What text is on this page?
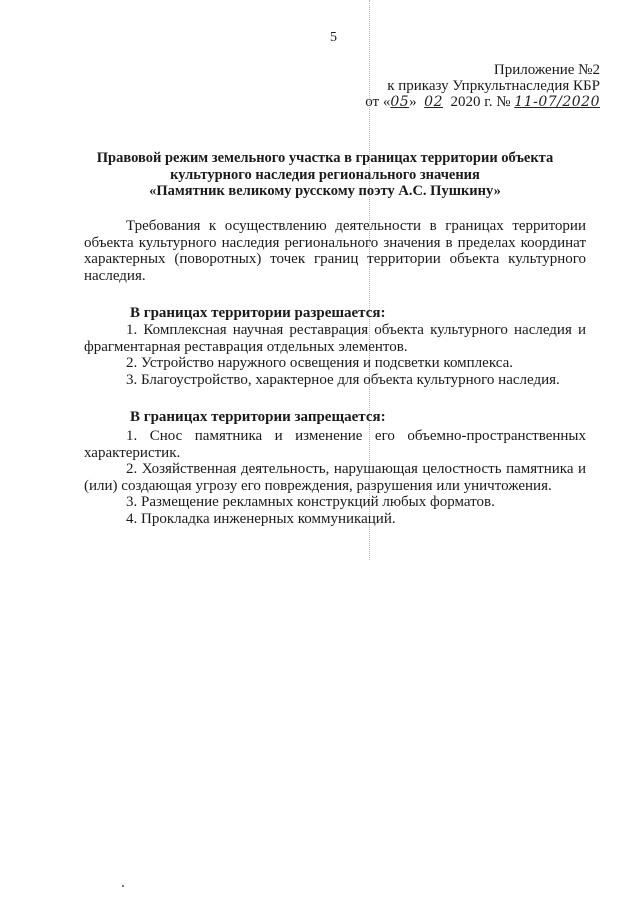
5
Приложение №2
к приказу Упркультнаследия КБР
от «05» 02 2020 г. № 11-07/2020
Правовой режим земельного участка в границах территории объекта
культурного наследия регионального значения
«Памятник великому русскому поэту А.С. Пушкину»
Требования к осуществлению деятельности в границах территории объекта культурного наследия регионального значения в пределах координат характерных (поворотных) точек границ территории объекта культурного наследия.
В границах территории разрешается:
1. Комплексная научная реставрация объекта культурного наследия и фрагментарная реставрация отдельных элементов.
2. Устройство наружного освещения и подсветки комплекса.
3. Благоустройство, характерное для объекта культурного наследия.
В границах территории запрещается:
1. Снос памятника и изменение его объемно-пространственных характеристик.
2. Хозяйственная деятельность, нарушающая целостность памятника и (или) создающая угрозу его повреждения, разрушения или уничтожения.
3. Размещение рекламных конструкций любых форматов.
4. Прокладка инженерных коммуникаций.
